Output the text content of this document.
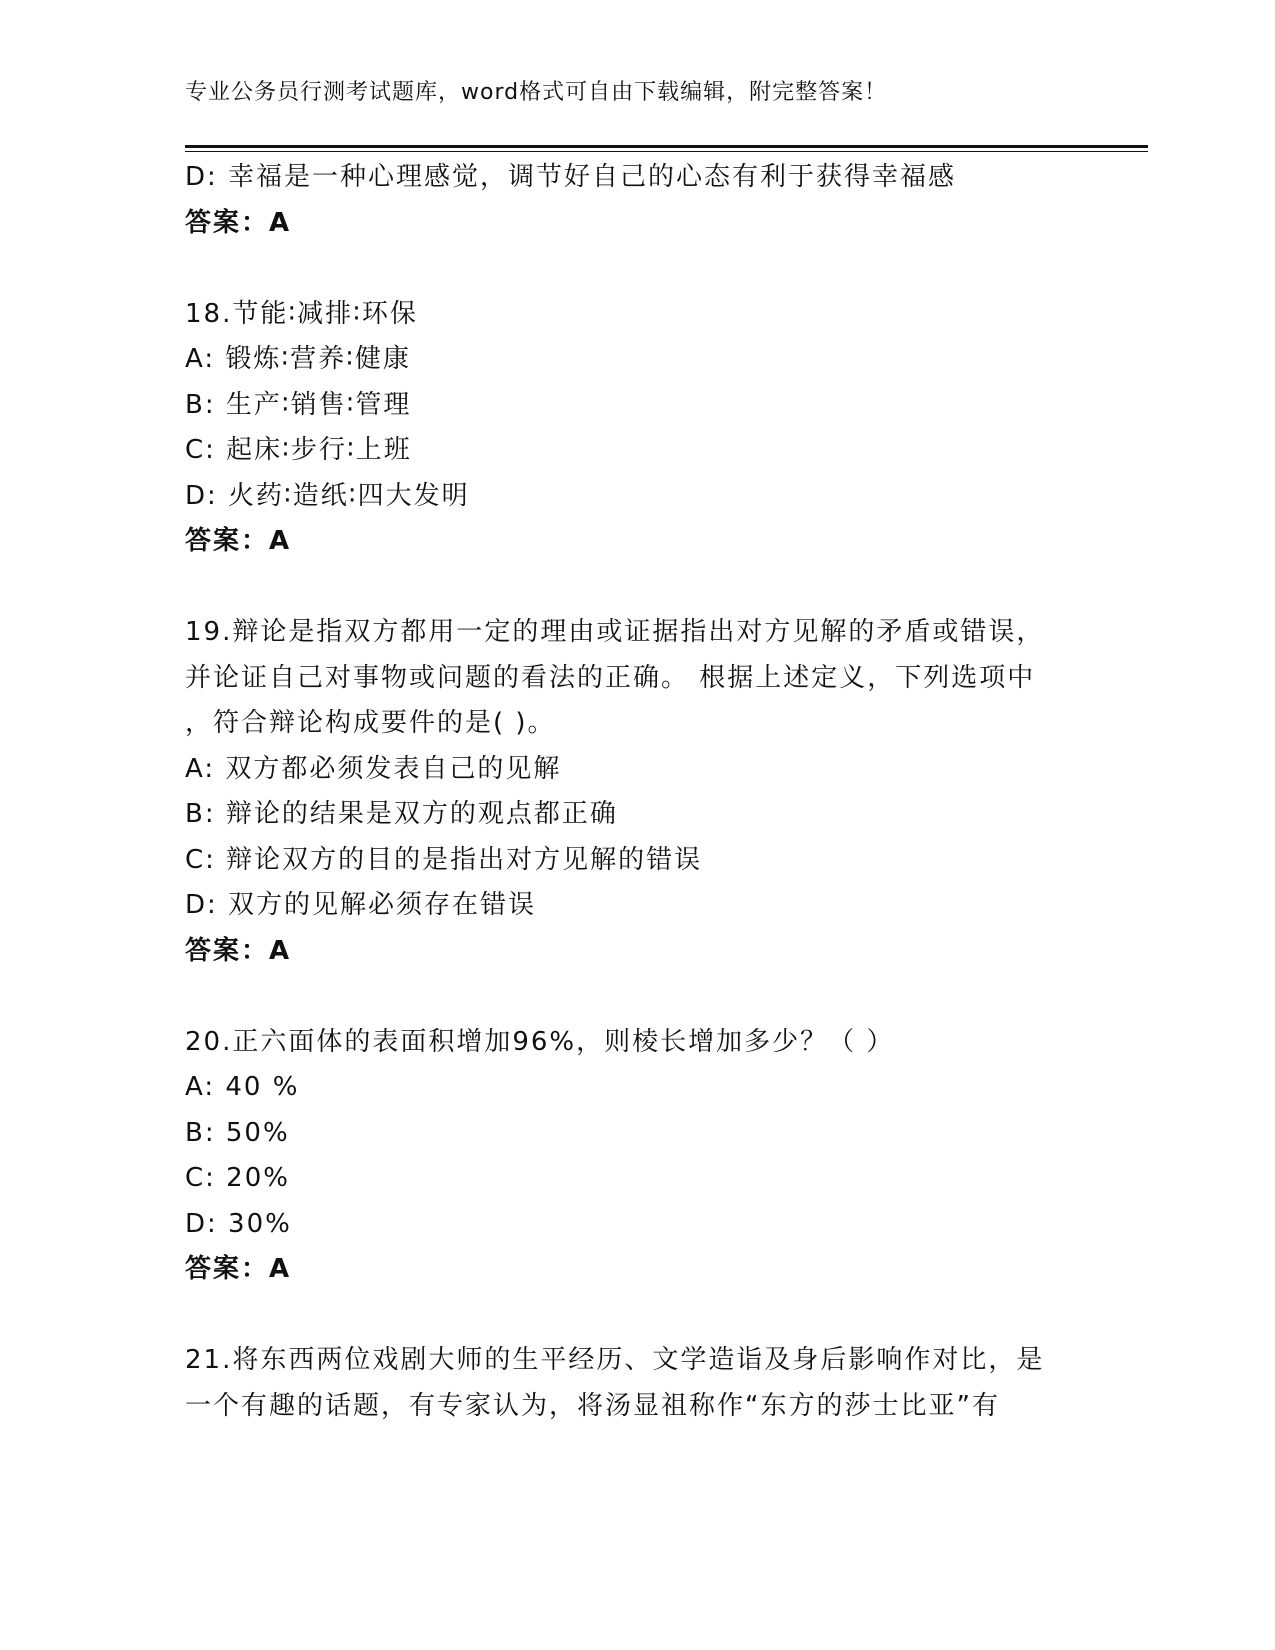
专业公务员行测考试题库，word格式可自由下载编辑，附完整答案！
D: 幸福是一种心理感觉，调节好自己的心态有利于获得幸福感
答案：A
18.节能∶减排∶环保
A: 锻炼∶营养∶健康
B: 生产∶销售∶管理
C: 起床∶步行∶上班
D: 火药∶造纸∶四大发明
答案：A
19.辩论是指双方都用一定的理由或证据指出对方见解的矛盾或错误，
并论证自己对事物或问题的看法的正确。 根据上述定义，下列选项中
，符合辩论构成要件的是( )。
A: 双方都必须发表自己的见解
B: 辩论的结果是双方的观点都正确
C: 辩论双方的目的是指出对方见解的错误
D: 双方的见解必须存在错误
答案：A
20.正六面体的表面积增加96%，则棱长增加多少？（ ）
A: 40 %
B: 50%
C: 20%
D: 30%
答案：A
21.将东西两位戏剧大师的生平经历、文学造诣及身后影响作对比，是
一个有趣的话题，有专家认为，将汤显祖称作“东方的莎士比亚”有
